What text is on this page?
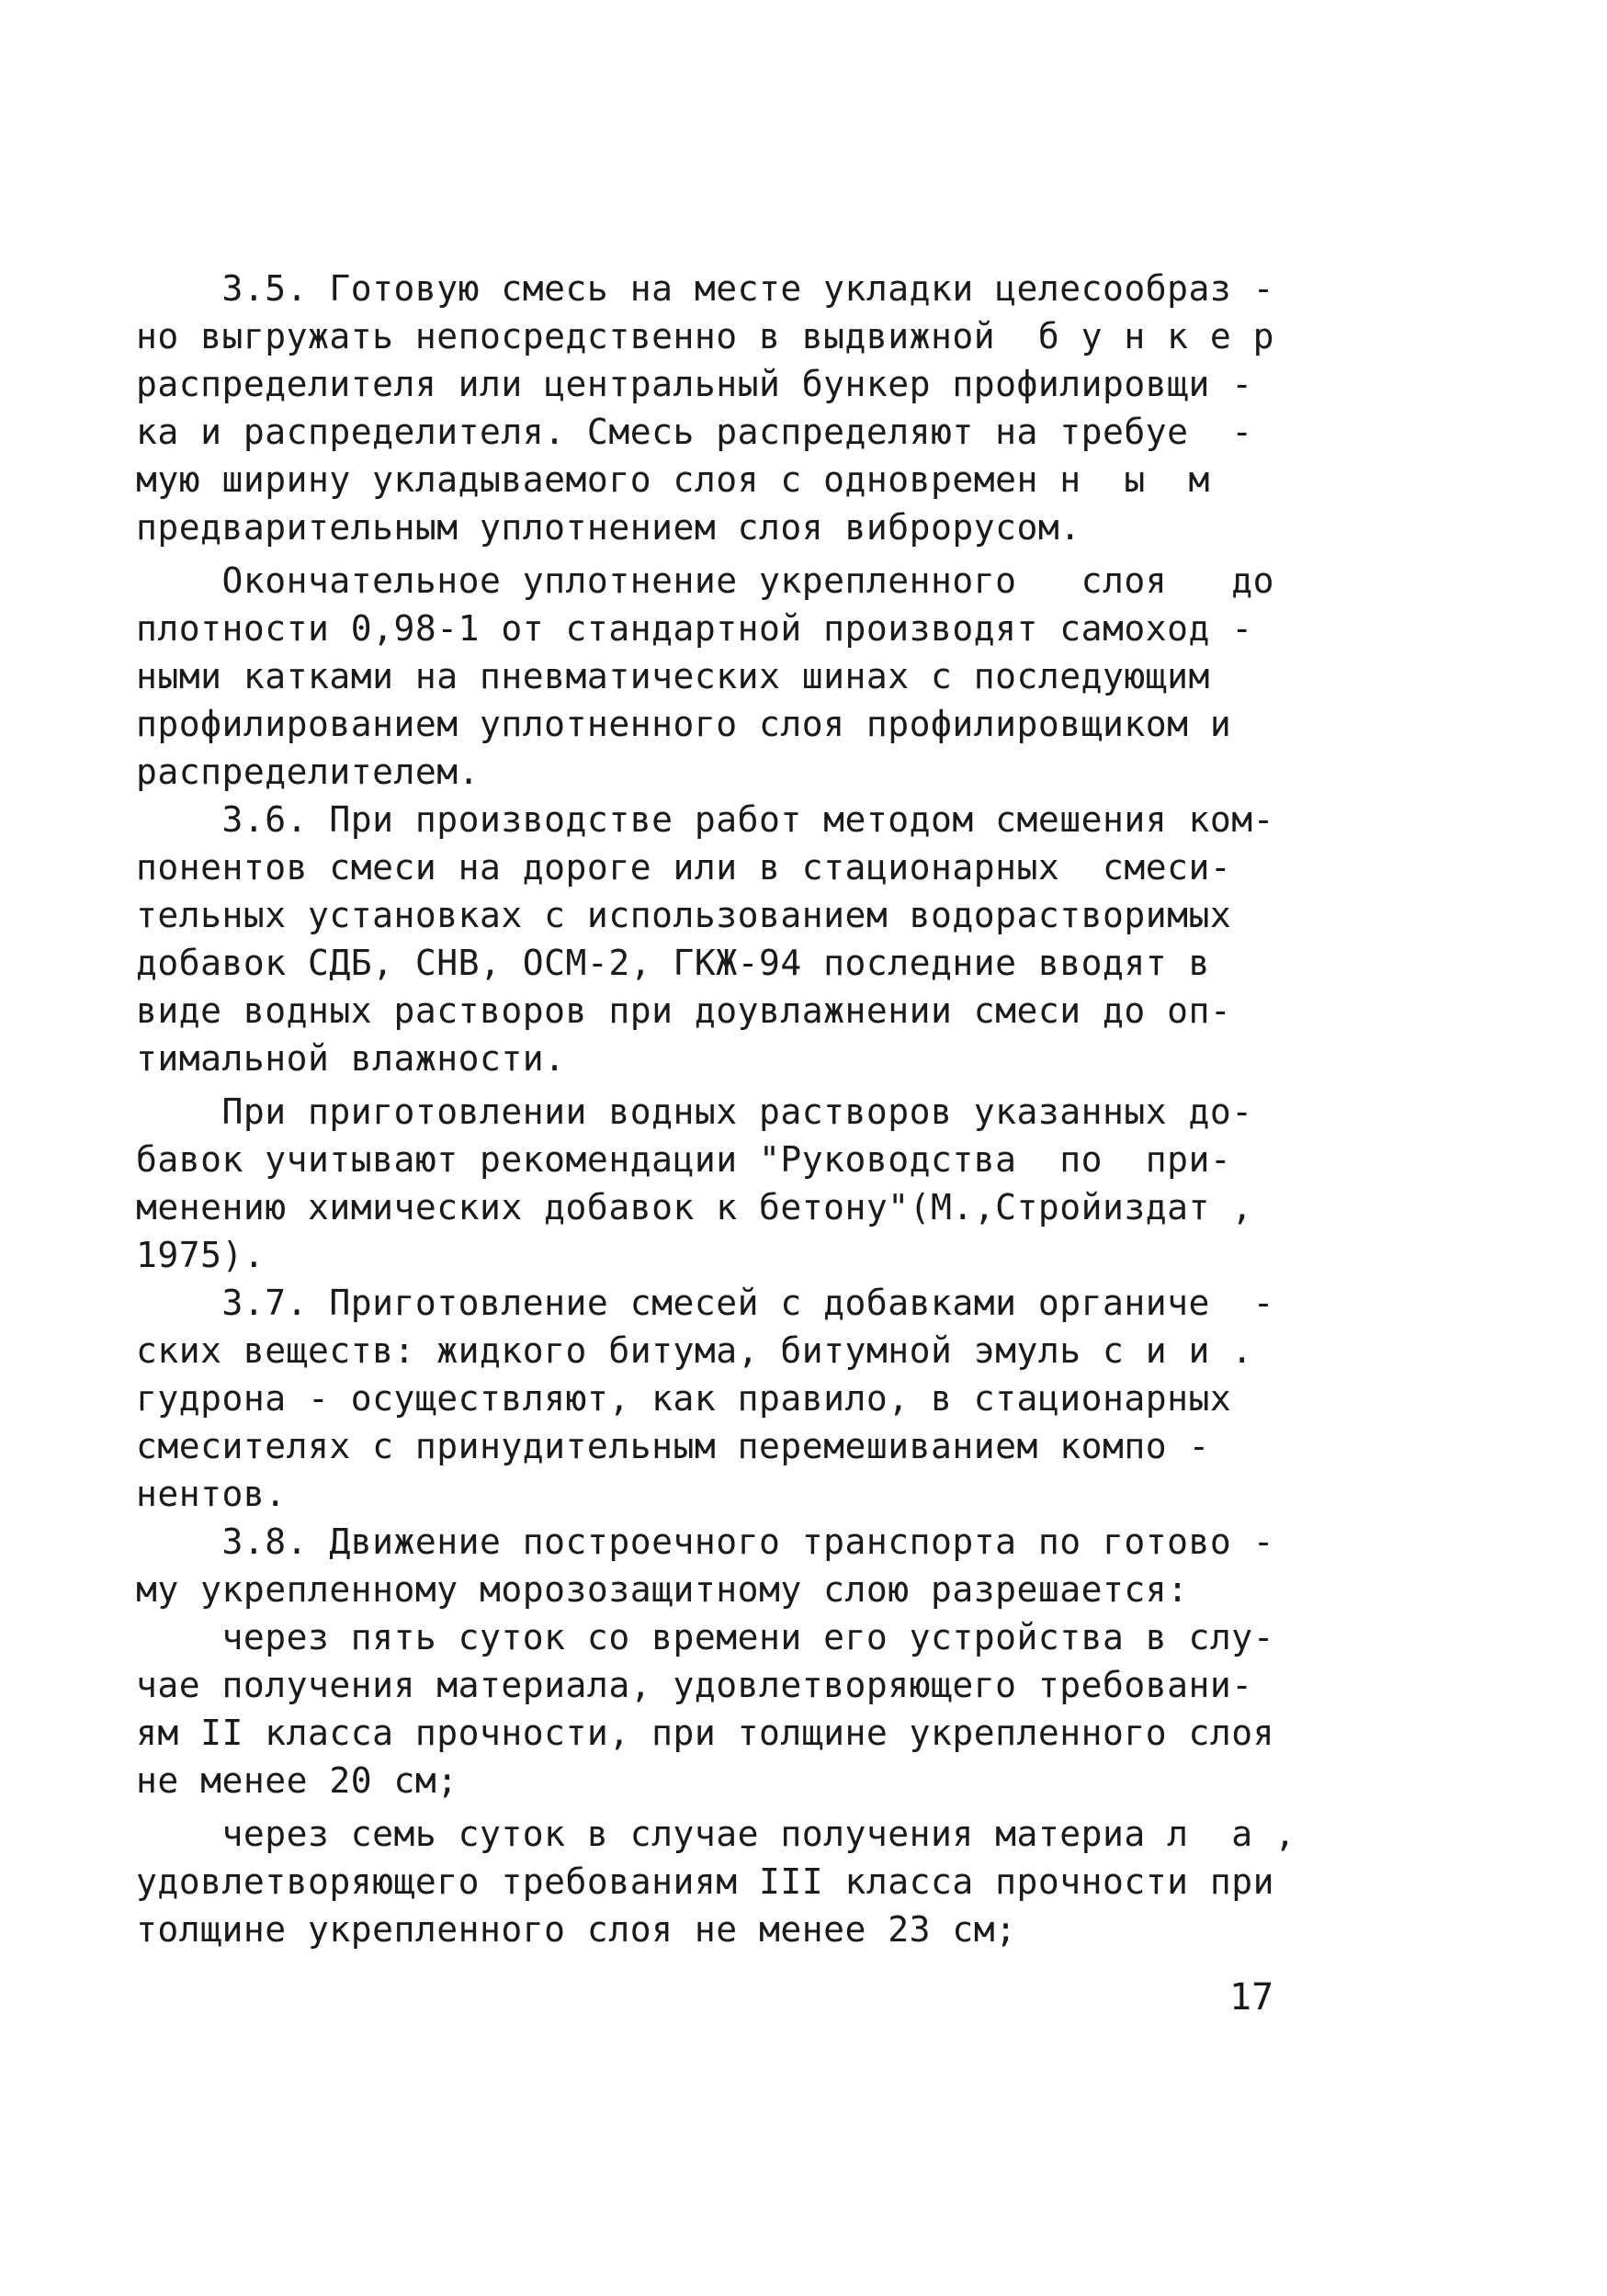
3.5. Готовую смесь на месте укладки целесообраз -
но выгружать непосредственно в выдвижной  б у н к е р
распределителя или центральный бункер профилировщи -
ка и распределителя. Смесь распределяют на требуе  -
мую ширину укладываемого слоя с одновремен н  ы  м
предварительным уплотнением слоя виброрусом.
Окончательное уплотнение укрепленного   слоя   до
плотности 0,98-1 от стандартной производят самоход -
ными катками на пневматических шинах с последующим
профилированием уплотненного слоя профилировщиком и
распределителем.
3.6. При производстве работ методом смешения ком-
понентов смеси на дороге или в стационарных  смеси-
тельных установках с использованием водорастворимых
добавок СДБ, СНВ, ОСМ-2, ГКЖ-94 последние вводят в
виде водных растворов при доувлажнении смеси до оп-
тимальной влажности.
При приготовлении водных растворов указанных до-
бавок учитывают рекомендации "Руководства  по  при-
менению химических добавок к бетону"(М.,Стройиздат ,
1975).
3.7. Приготовление смесей с добавками органиче  -
ских веществ: жидкого битума, битумной эмуль с и и .
гудрона - осуществляют, как правило, в стационарных
смесителях с принудительным перемешиванием компо -
нентов.
3.8. Движение построечного транспорта по готово -
му укрепленному морозозащитному слою разрешается:
через пять суток со времени его устройства в слу-
чае получения материала, удовлетворяющего требовани-
ям II класса прочности, при толщине укрепленного слоя
не менее 20 см;
через семь суток в случае получения материа л  а ,
удовлетворяющего требованиям III класса прочности при
толщине укрепленного слоя не менее 23 см;
17
